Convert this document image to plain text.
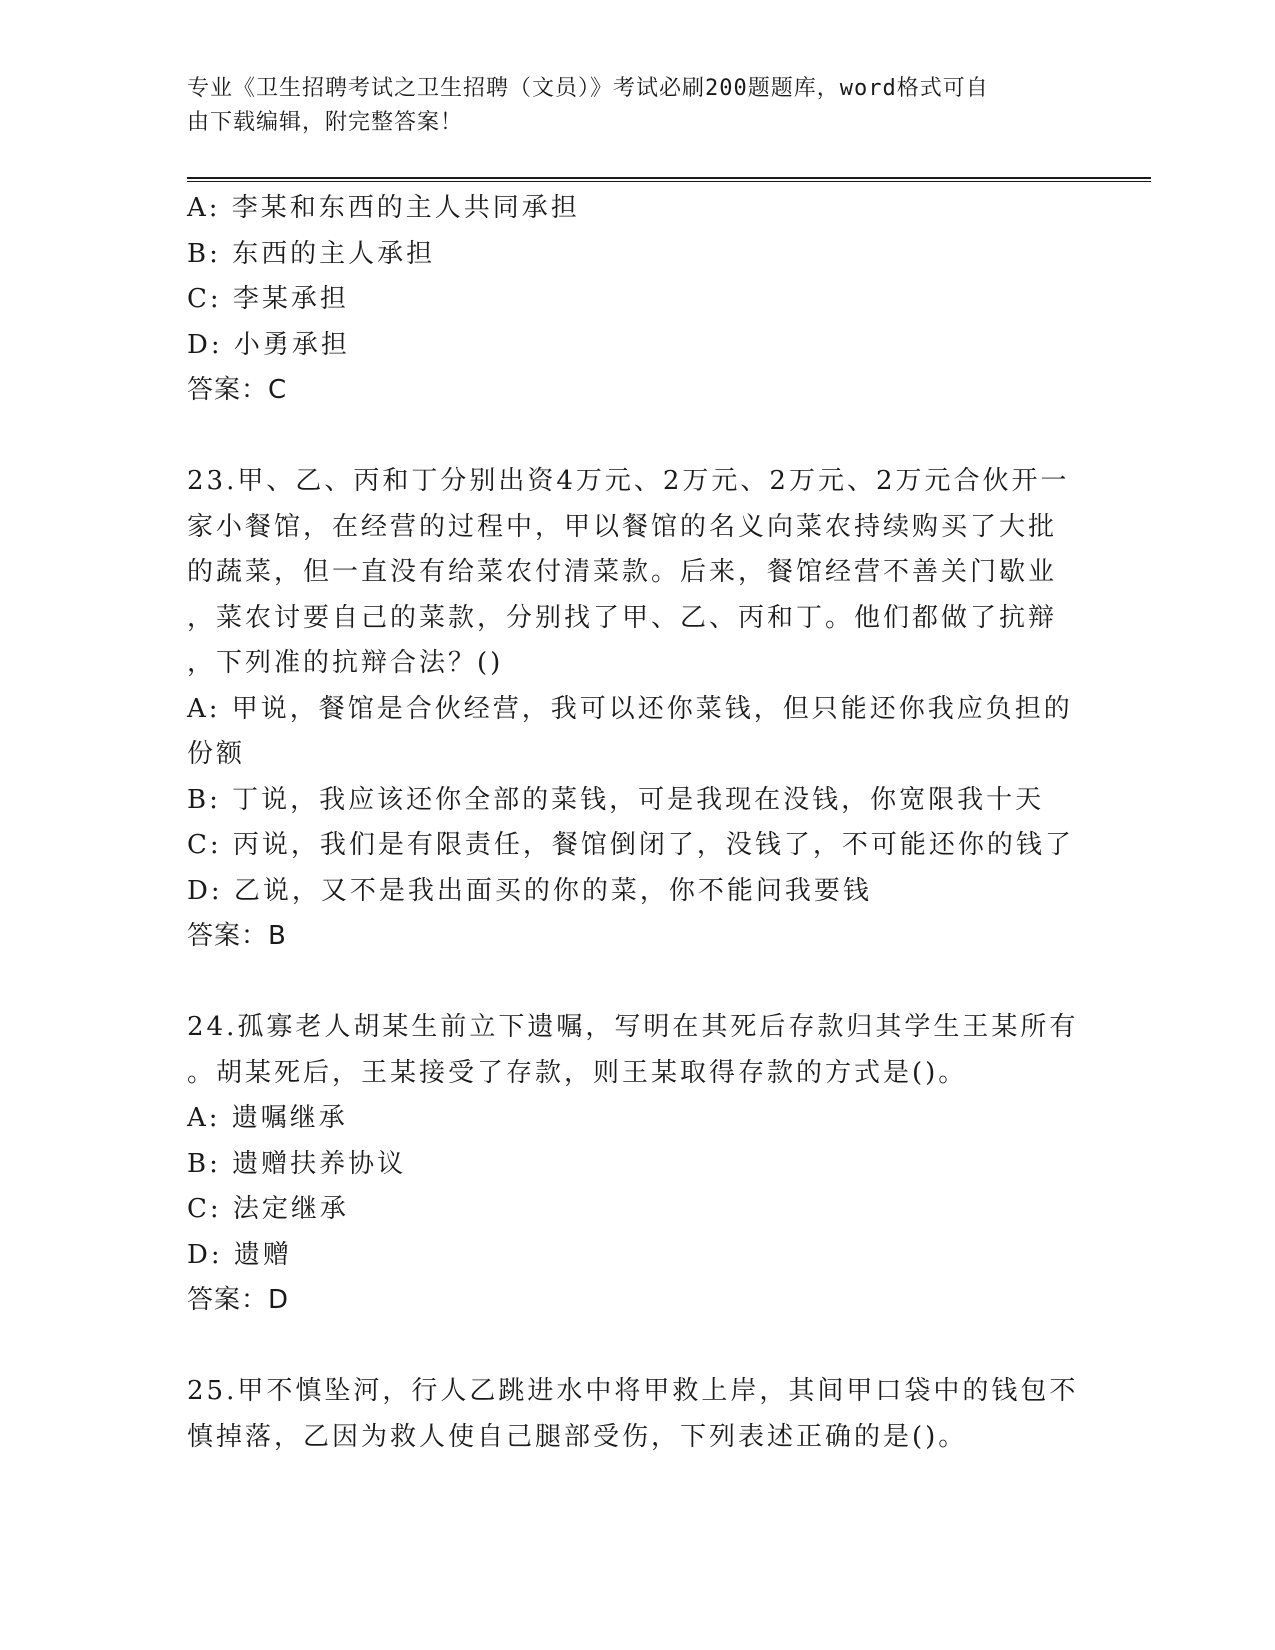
专业《卫生招聘考试之卫生招聘（文员）》考试必刷200题题库，word格式可自
由下载编辑，附完整答案！
A: 李某和东西的主人共同承担
B: 东西的主人承担
C: 李某承担
D: 小勇承担
答案：C
23.甲、乙、丙和丁分别出资4万元、2万元、2万元、2万元合伙开一
家小餐馆，在经营的过程中，甲以餐馆的名义向菜农持续购买了大批
的蔬菜，但一直没有给菜农付清菜款。后来，餐馆经营不善关门歇业
，菜农讨要自己的菜款，分别找了甲、乙、丙和丁。他们都做了抗辩
，下列准的抗辩合法？()
A: 甲说，餐馆是合伙经营，我可以还你菜钱，但只能还你我应负担的
份额
B: 丁说，我应该还你全部的菜钱，可是我现在没钱，你宽限我十天
C: 丙说，我们是有限责任，餐馆倒闭了，没钱了，不可能还你的钱了
D: 乙说，又不是我出面买的你的菜，你不能问我要钱
答案：B
24.孤寡老人胡某生前立下遗嘱，写明在其死后存款归其学生王某所有
。胡某死后，王某接受了存款，则王某取得存款的方式是()。
A: 遗嘱继承
B: 遗赠扶养协议
C: 法定继承
D: 遗赠
答案：D
25.甲不慎坠河，行人乙跳进水中将甲救上岸，其间甲口袋中的钱包不
慎掉落，乙因为救人使自己腿部受伤，下列表述正确的是()。
